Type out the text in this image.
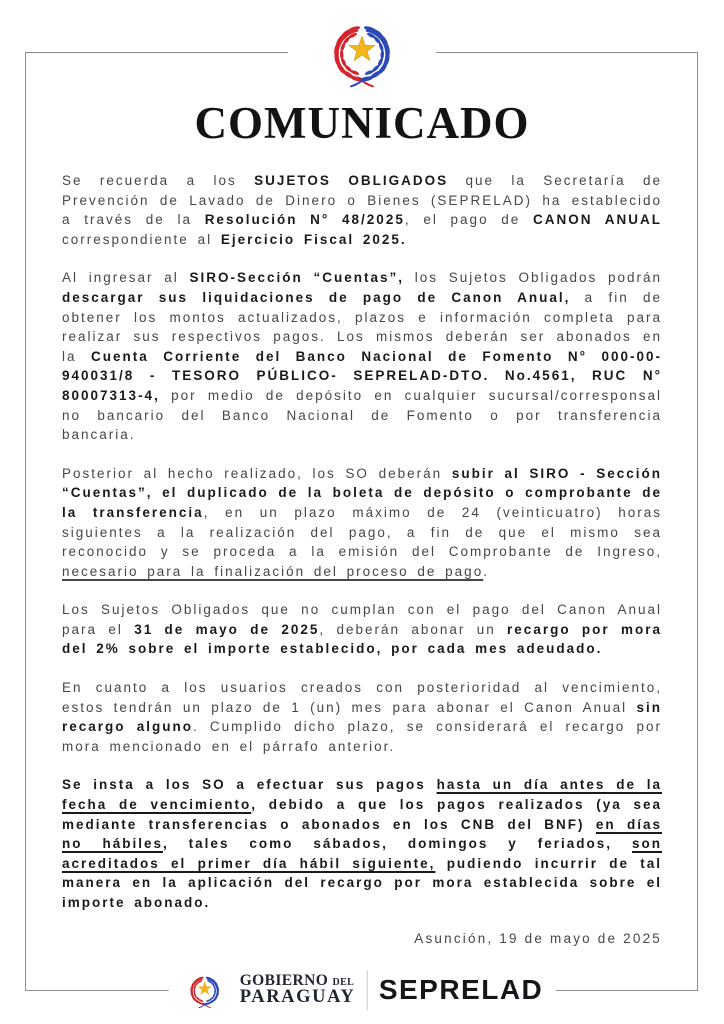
COMUNICADO

Se recuerda a los SUJETOS OBLIGADOS que la Secretaría de Prevención de Lavado de Dinero o Bienes (SEPRELAD) ha establecido a través de la Resolución N° 48/2025, el pago de CANON ANUAL correspondiente al Ejercicio Fiscal 2025.

Al ingresar al SIRO-Sección “Cuentas”, los Sujetos Obligados podrán descargar sus liquidaciones de pago de Canon Anual, a fin de obtener los montos actualizados, plazos e información completa para realizar sus respectivos pagos. Los mismos deberán ser abonados en la Cuenta Corriente del Banco Nacional de Fomento N° 000-00-940031/8 - TESORO PÚBLICO- SEPRELAD-DTO. No.4561, RUC N° 80007313-4, por medio de depósito en cualquier sucursal/corresponsal no bancario del Banco Nacional de Fomento o por transferencia bancaria.

Posterior al hecho realizado, los SO deberán subir al SIRO - Sección “Cuentas”, el duplicado de la boleta de depósito o comprobante de la transferencia, en un plazo máximo de 24 (veinticuatro) horas siguientes a la realización del pago, a fin de que el mismo sea reconocido y se proceda a la emisión del Comprobante de Ingreso, necesario para la finalización del proceso de pago.

Los Sujetos Obligados que no cumplan con el pago del Canon Anual para el 31 de mayo de 2025, deberán abonar un recargo por mora del 2% sobre el importe establecido, por cada mes adeudado.

En cuanto a los usuarios creados con posterioridad al vencimiento, estos tendrán un plazo de 1 (un) mes para abonar el Canon Anual sin recargo alguno. Cumplido dicho plazo, se considerará el recargo por mora mencionado en el párrafo anterior.

Se insta a los SO a efectuar sus pagos hasta un día antes de la fecha de vencimiento, debido a que los pagos realizados (ya sea mediante transferencias o abonados en los CNB del BNF) en días no hábiles, tales como sábados, domingos y feriados, son acreditados el primer día hábil siguiente, pudiendo incurrir de tal manera en la aplicación del recargo por mora establecida sobre el importe abonado.

Asunción, 19 de mayo de 2025
GOBIERNO DEL
PARAGUAY SEPRELAD
